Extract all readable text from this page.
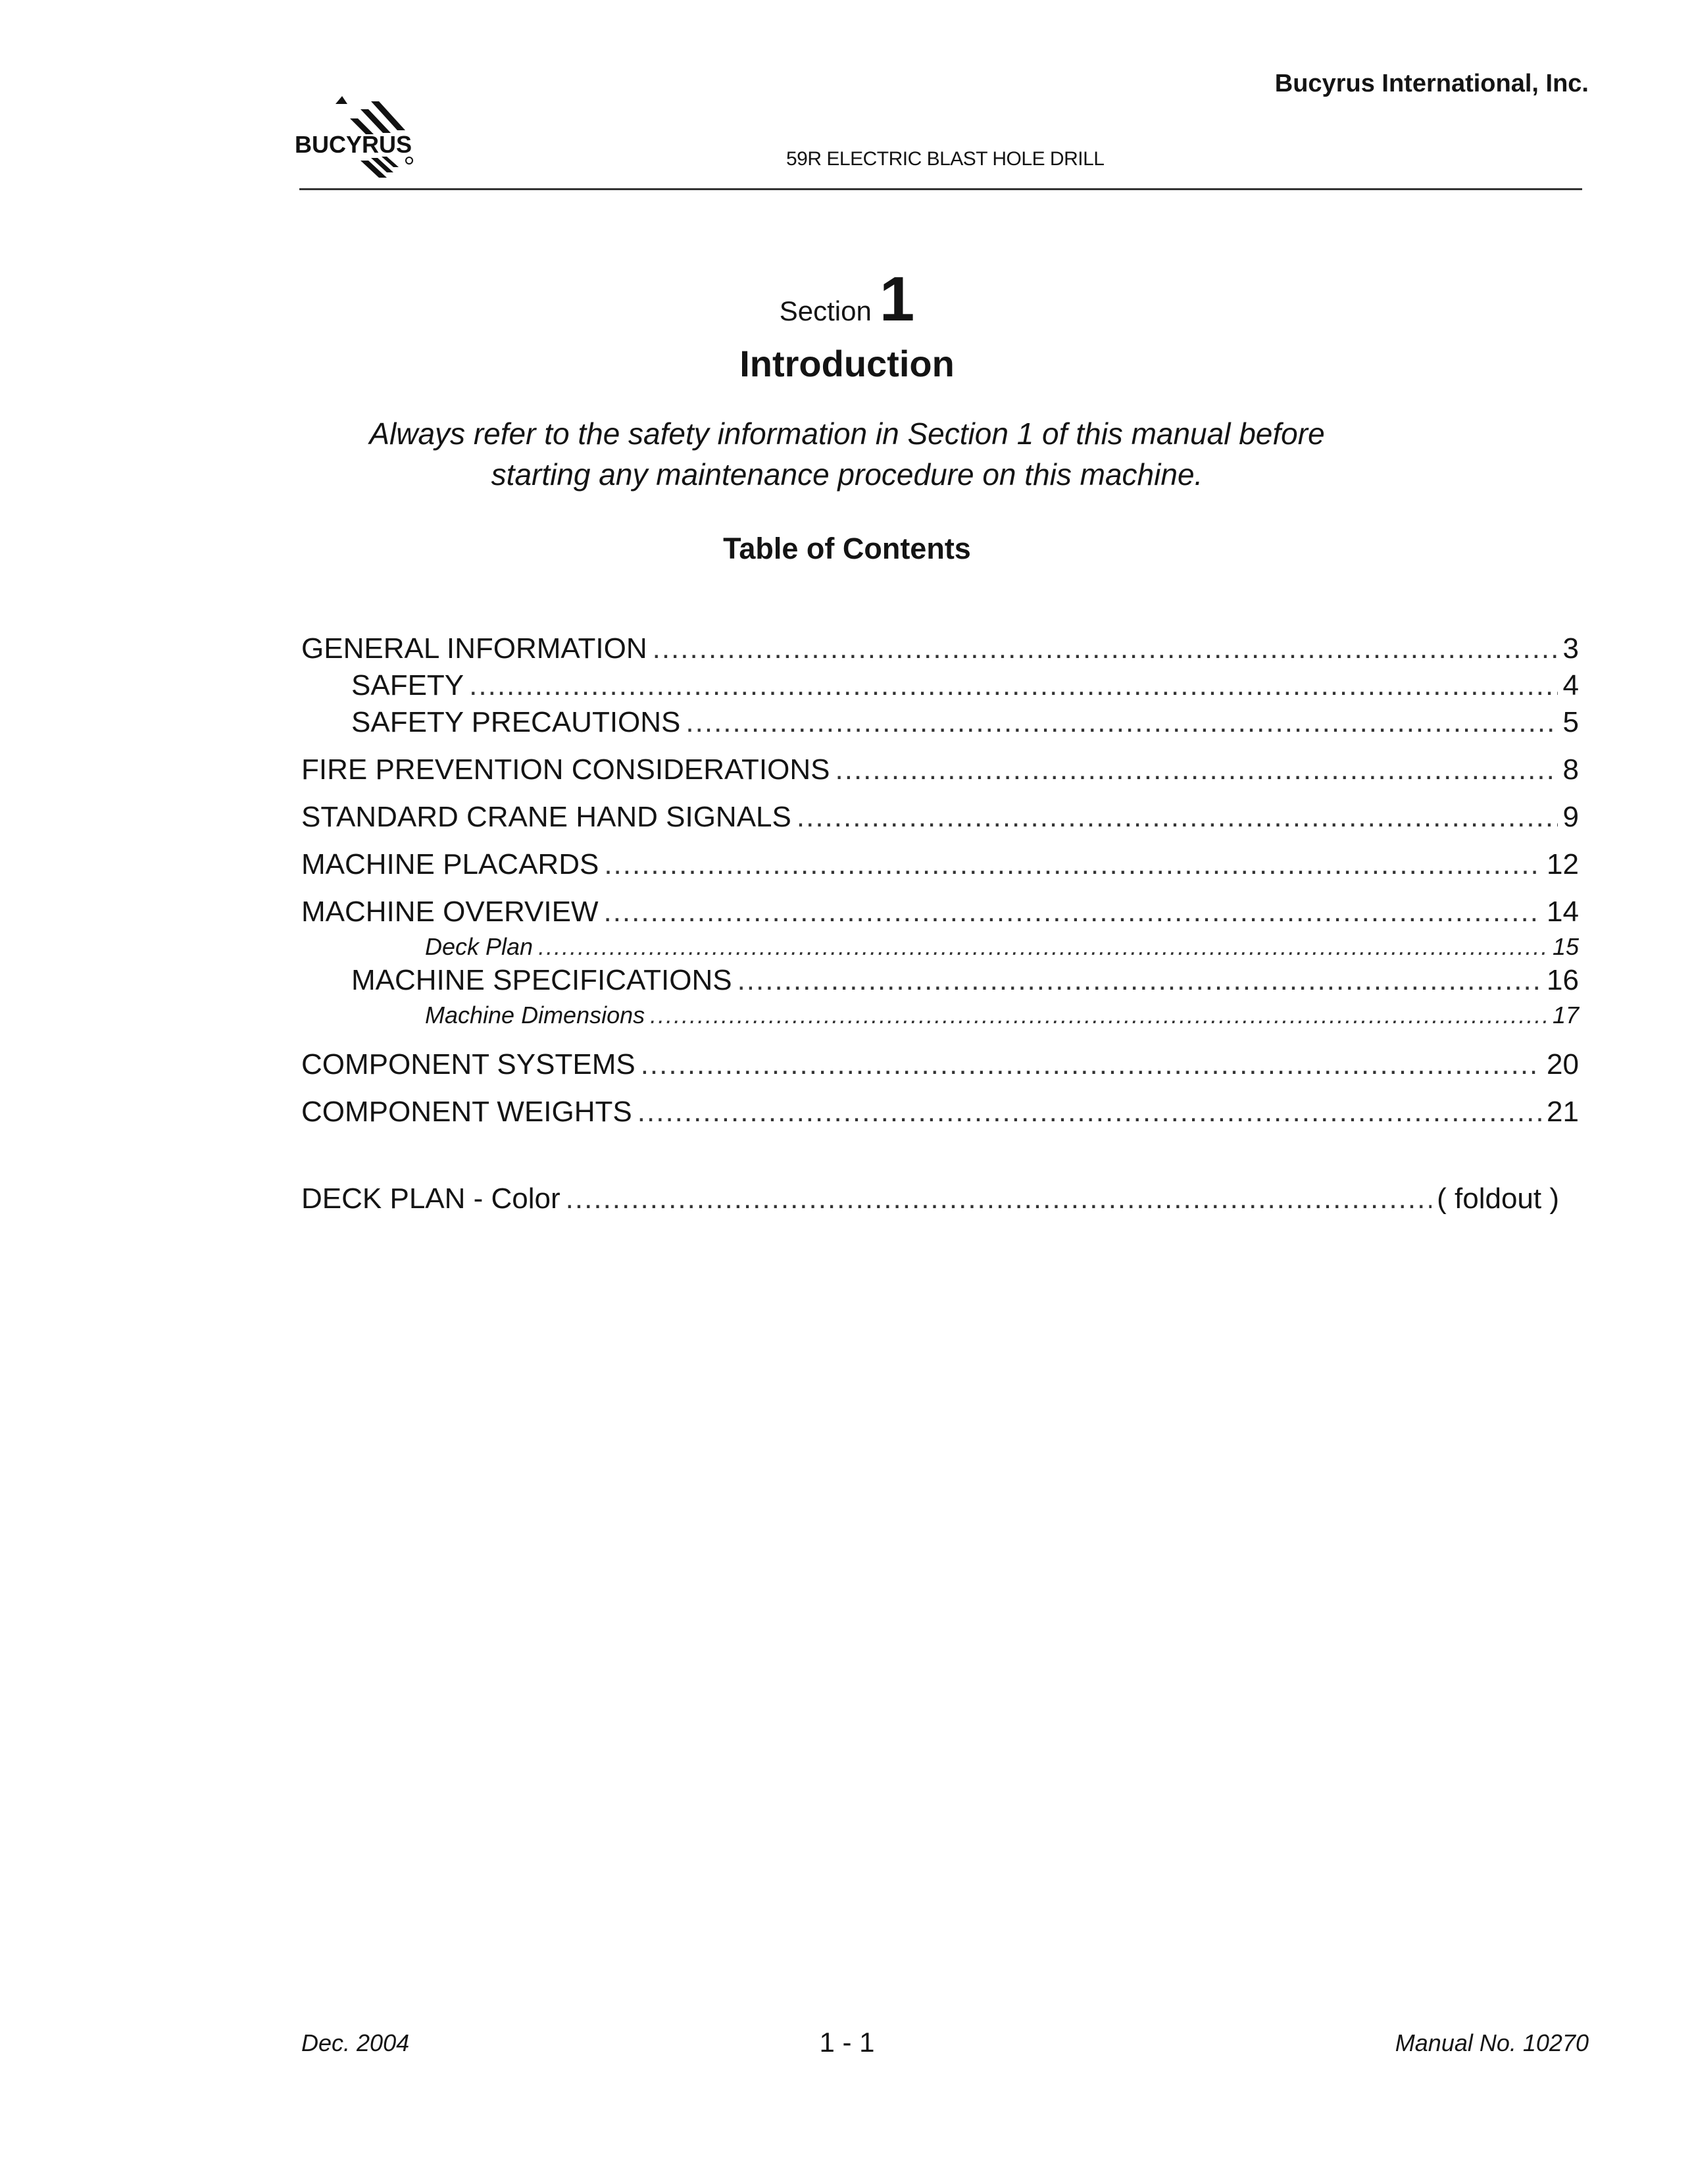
BUCYRUS
Bucyrus International, Inc.
59R ELECTRIC BLAST HOLE DRILL
Section 1
Introduction
Always refer to the safety information in Section 1 of this manual before
starting any maintenance procedure on this machine.
Table of Contents
GENERAL INFORMATION .....	3
SAFETY .....	4
SAFETY PRECAUTIONS .....	5
FIRE PREVENTION CONSIDERATIONS .....	8
STANDARD CRANE HAND SIGNALS .....	9
MACHINE PLACARDS .....	12
MACHINE OVERVIEW .....	14
Deck Plan .....	15
MACHINE SPECIFICATIONS .....	16
Machine Dimensions .....	17
COMPONENT SYSTEMS .....	20
COMPONENT WEIGHTS .....	21
DECK PLAN - Color .....	( foldout )
Dec. 2004	1 - 1	Manual No. 10270
